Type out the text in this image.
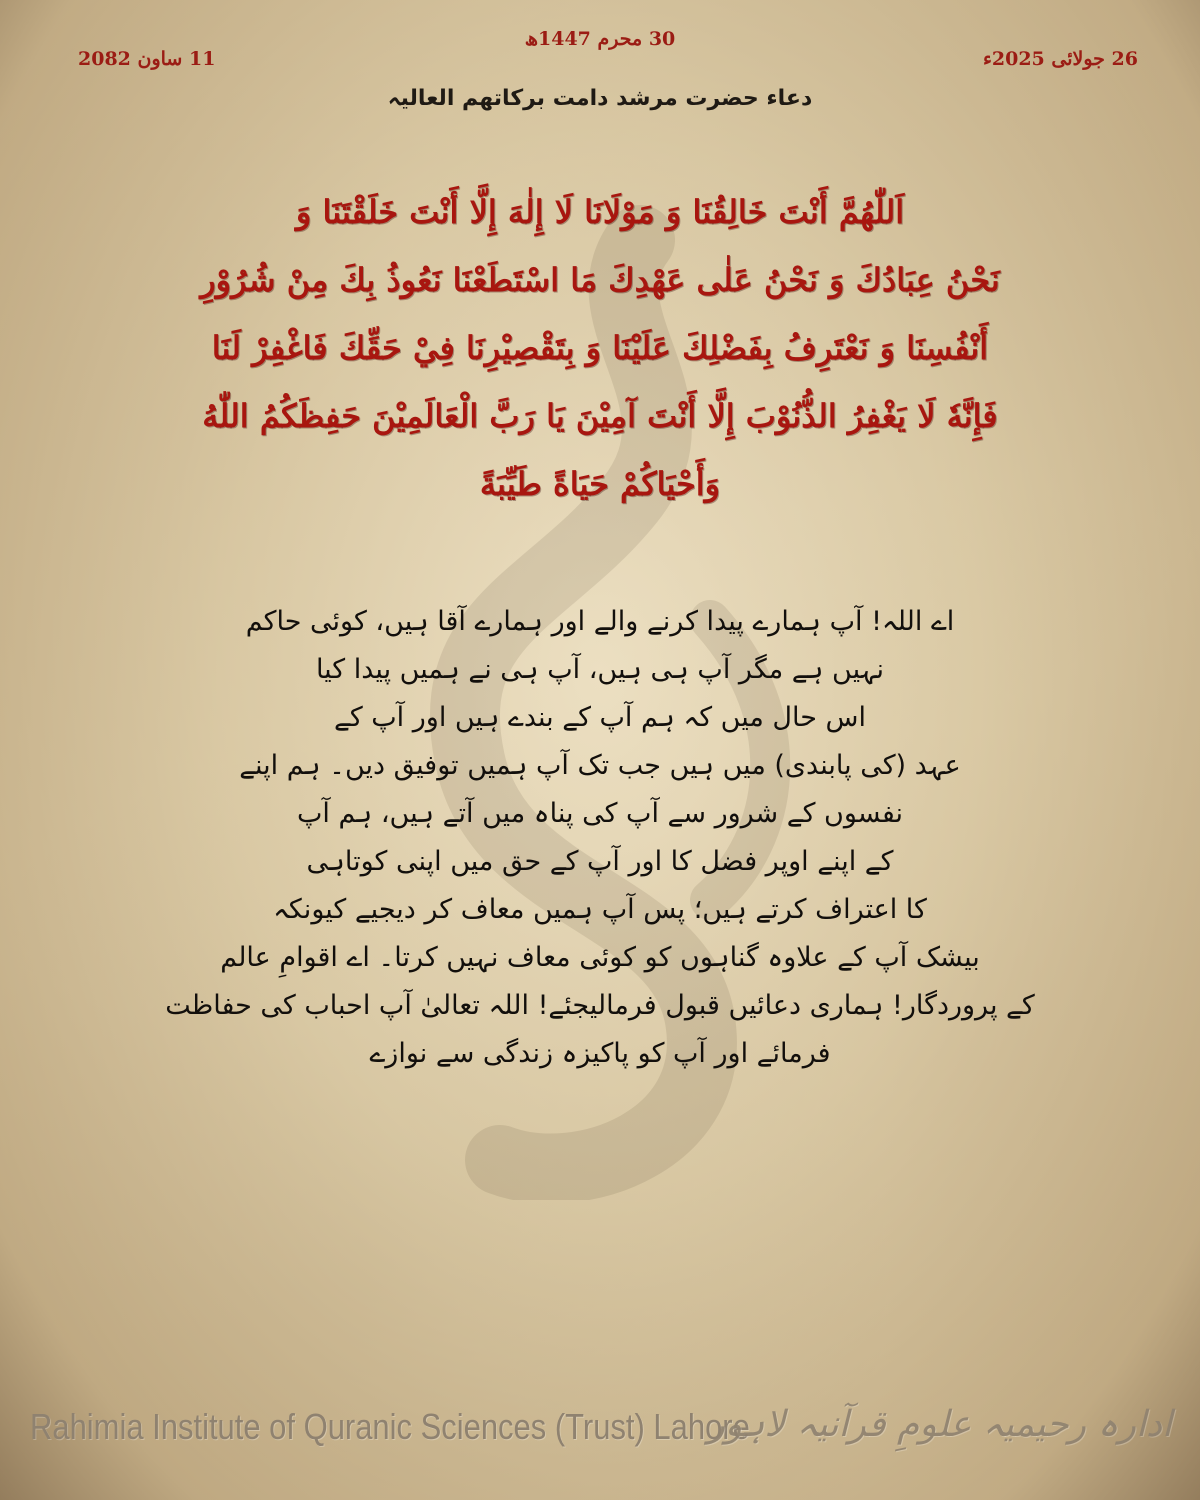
26 جولائی 2025ء
11 ساون 2082
30 محرم 1447ھ
دعاء حضرت مرشد دامت برکاتھم العالیہ
اَللّٰهُمَّ أَنْتَ خَالِقُنَا وَ مَوْلَانَا لَا إِلٰهَ إِلَّا أَنْتَ خَلَقْتَنَا وَ
نَحْنُ عِبَادُكَ وَ نَحْنُ عَلٰى عَهْدِكَ مَا اسْتَطَعْنَا نَعُوذُ بِكَ مِنْ شُرُوْرِ
أَنْفُسِنَا وَ نَعْتَرِفُ بِفَضْلِكَ عَلَيْنَا وَ بِتَقْصِيْرِنَا فِيْ حَقِّكَ فَاغْفِرْ لَنَا
فَإِنَّهٗ لَا يَغْفِرُ الذُّنُوْبَ إِلَّا أَنْتَ آمِيْنَ يَا رَبَّ الْعَالَمِيْنَ حَفِظَكُمُ اللّٰهُ
وَأَحْيَاكُمْ حَيَاةً طَيِّبَةً
اے اللہ! آپ ہمارے پیدا کرنے والے اور ہمارے آقا ہیں، کوئی حاکم
نہیں ہے مگر آپ ہی ہیں، آپ ہی نے ہمیں پیدا کیا
اس حال میں کہ ہم آپ کے بندے ہیں اور آپ کے
عہد (کی پابندی) میں ہیں جب تک آپ ہمیں توفیق دیں۔ ہم اپنے
نفسوں کے شرور سے آپ کی پناہ میں آتے ہیں، ہم آپ
کے اپنے اوپر فضل کا اور آپ کے حق میں اپنی کوتاہی
کا اعتراف کرتے ہیں؛ پس آپ ہمیں معاف کر دیجیے کیونکہ
بیشک آپ کے علاوہ گناہوں کو کوئی معاف نہیں کرتا۔ اے اقوامِ عالم
کے پروردگار! ہماری دعائیں قبول فرمالیجئے! اللہ تعالیٰ آپ احباب کی حفاظت
فرمائے اور آپ کو پاکیزہ زندگی سے نوازے
Rahimia Institute of Quranic Sciences (Trust) Lahore
ادارہ رحیمیہ علومِ قرآنیہ لاہور
